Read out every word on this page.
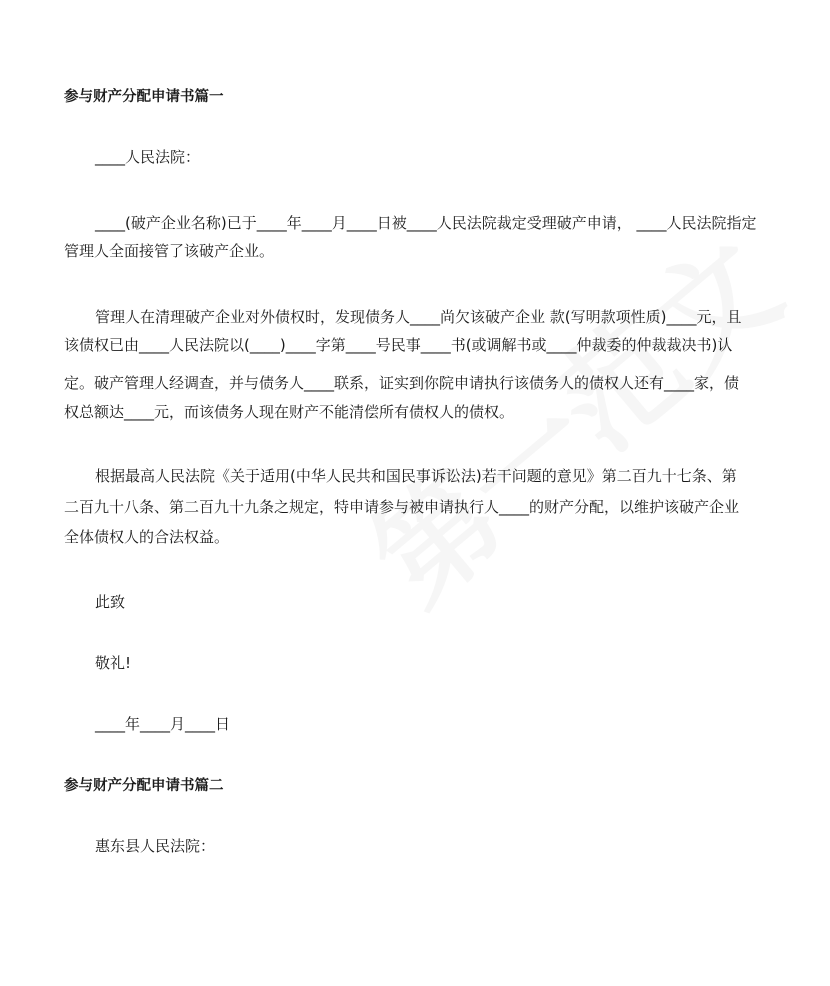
参与财产分配申请书篇一
____人民法院：
____(破产企业名称)已于____年____月____日被____人民法院裁定受理破产申请， ____人民法院指定
管理人全面接管了该破产企业。
管理人在清理破产企业对外债权时，发现债务人____尚欠该破产企业 款(写明款项性质)____元，且
该债权已由____人民法院以(____)____字第____号民事____书(或调解书或____仲裁委的仲裁裁决书)认
定。破产管理人经调查，并与债务人____联系，证实到你院申请执行该债务人的债权人还有____家，债
权总额达____元，而该债务人现在财产不能清偿所有债权人的债权。
根据最高人民法院《关于适用(中华人民共和国民事诉讼法)若干问题的意见》第二百九十七条、第
二百九十八条、第二百九十九条之规定，特申请参与被申请执行人____的财产分配，以维护该破产企业
全体债权人的合法权益。
此致
敬礼!
____年____月____日
参与财产分配申请书篇二
惠东县人民法院：
